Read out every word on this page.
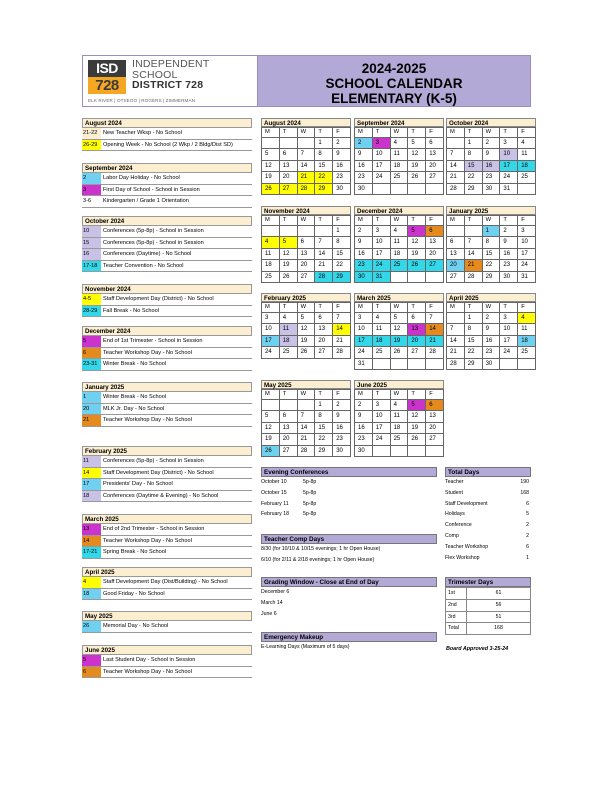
ISD
728
INDEPENDENT
SCHOOL
DISTRICT 728
ELK RIVER | OTSEGO | ROGERS | ZIMMERMAN
2024-2025
SCHOOL CALENDAR
ELEMENTARY (K-5)
August 2024
21-22	New Teacher Wksp - No School
26-29	Opening Week - No School (2 Wkp / 2 Bldg/Dist SD)
September 2024
2	Labor Day Holiday - No School
3	First Day of School - School in Session
3-6	Kindergarten / Grade 1 Orientation
October 2024
10	Conferences (5p-8p) - School in Session
15	Conferences (5p-8p) - School in Session
16	Conferences (Daytime) - No School
17-18	Teacher Convention - No School
November 2024
4-5	Staff Development Day (District) - No School
28-29	Fall Break - No School
December 2024
5	End of 1st Trimester - School in Session
6	Teacher Workshop Day - No School
23-31	Winter Break - No School
January 2025
1	Winter Break - No School
20	MLK Jr. Day - No School
21	Teacher Workshop Day - No School
February 2025
11	Conferences (5p-8p) - School in Session
14	Staff Development Day (District) - No School
17	Presidents' Day - No School
18	Conferences (Daytime & Evening) - No School
March 2025
13	End of 2nd Trimester - School in Session
14	Teacher Workshop Day - No School
17-21	Spring Break - No School
April 2025
4	Staff Development Day (Dist/Building) - No School
18	Good Friday - No School
May 2025
26	Memorial Day - No School
June 2025
5	Last Student Day - School in Session
6	Teacher Workshop Day - No School
August 2024
M	T	W	T	F
			1	2
5	6	7	8	9
12	13	14	15	16
19	20	21	22	23
26	27	28	29	30
September 2024
M	T	W	T	F
2	3	4	5	6
9	10	11	12	13
16	17	18	19	20
23	24	25	26	27
30				
October 2024
M	T	W	T	F
	1	2	3	4
7	8	9	10	11
14	15	16	17	18
21	22	23	24	25
28	29	30	31	
November 2024
M	T	W	T	F
				1
4	5	6	7	8
11	12	13	14	15
18	19	20	21	22
25	26	27	28	29
December 2024
M	T	W	T	F
2	3	4	5	6
9	10	11	12	13
16	17	18	19	20
23	24	25	26	27
30	31			
January 2025
M	T	W	T	F
		1	2	3
6	7	8	9	10
13	14	15	16	17
20	21	22	23	24
27	28	29	30	31
February 2025
M	T	W	T	F
3	4	5	6	7
10	11	12	13	14
17	18	19	20	21
24	25	26	27	28
March 2025
M	T	W	T	F
3	4	5	6	7
10	11	12	13	14
17	18	19	20	21
24	25	26	27	28
31				
April 2025
M	T	W	T	F
	1	2	3	4
7	8	9	10	11
14	15	16	17	18
21	22	23	24	25
28	29	30		
May 2025
M	T	W	T	F
			1	2
5	6	7	8	9
12	13	14	15	16
19	20	21	22	23
26	27	28	29	30
June 2025
M	T	W	T	F
2	3	4	5	6
9	10	11	12	13
16	17	18	19	20
23	24	25	26	27
30				
Evening Conferences
October 10	5p-8p
October 15	5p-8p
February 11	5p-8p
February 18	5p-8p
Teacher Comp Days
8/30 (for 10/10 & 10/15 evenings; 1 hr Open House)
6/10 (for 2/11 & 2/18 evenings; 1 hr Open House)
Grading Window - Close at End of Day
December 6
March 14
June 6
Emergency Makeup
E-Learning Days (Maximum of 5 days)
Total Days
Teacher	190
Student	168
Staff Development	6
Holidays	5
Conference	2
Comp	2
Teacher Workshop	6
Flex Workshop	1
Trimester Days
1st	61
2nd	56
3rd	51
Total	168
Board Approved 3-25-24
